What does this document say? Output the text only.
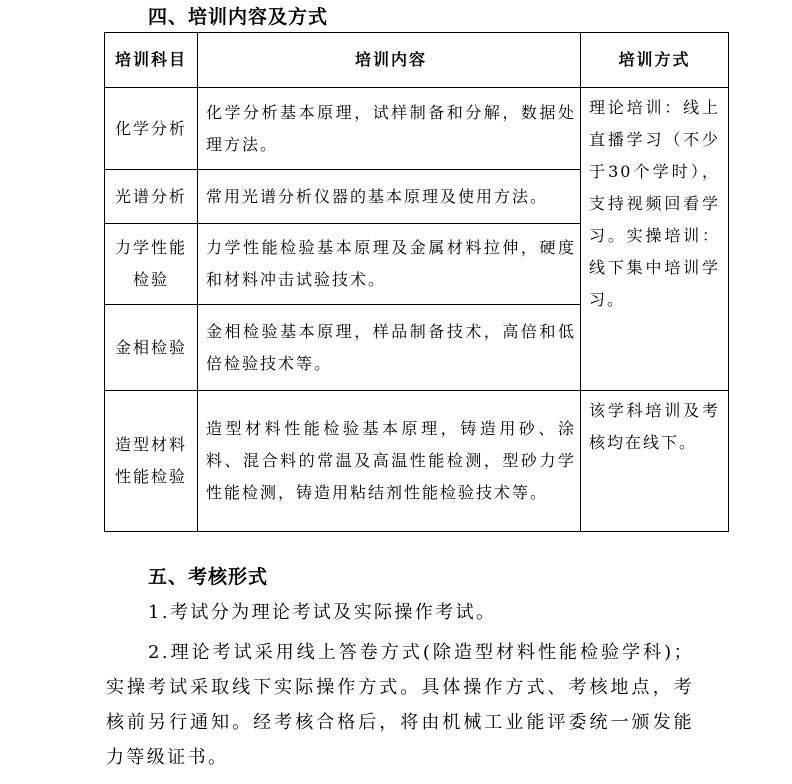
四、培训内容及方式
培训科目	培训内容	培训方式

化学分析	化学分析基本原理，试样制备和分解，数据处理方法。	理论培训：线上直播学习（不少于30个学时），支持视频回看学习。实操培训：线下集中培训学习。

光谱分析	常用光谱分析仪器的基本原理及使用方法。	

力学性能
检验	力学性能检验基本原理及金属材料拉伸，硬度和材料冲击试验技术。	

金相检验	金相检验基本原理，样品制备技术，高倍和低倍检验技术等。	

造型材料
性能检验	造型材料性能检验基本原理，铸造用砂、涂料、混合料的常温及高温性能检测，型砂力学性能检测，铸造用粘结剂性能检验技术等。	该学科培训及考核均在线下。
五、考核形式
1.考试分为理论考试及实际操作考试。
2.理论考试采用线上答卷方式(除造型材料性能检验学科)；实操考试采取线下实际操作方式。具体操作方式、考核地点，考核前另行通知。经考核合格后，将由机械工业能评委统一颁发能力等级证书。
